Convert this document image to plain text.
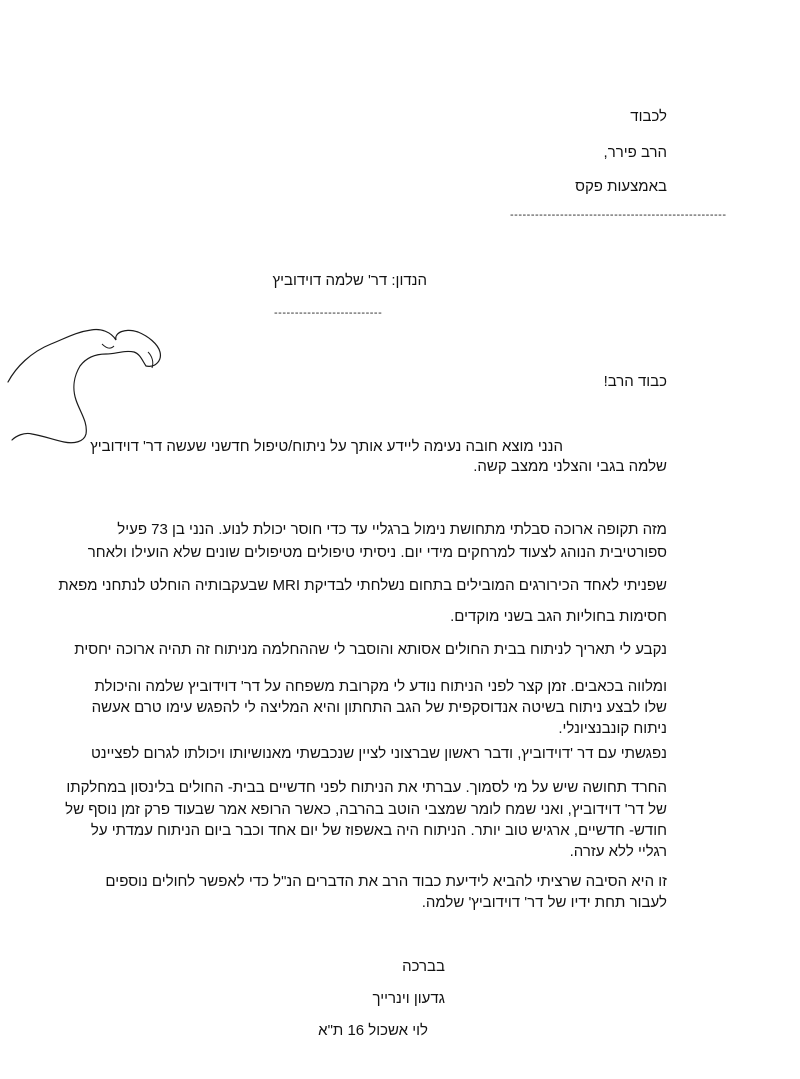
לכבוד
הרב פירר,
באמצעות פקס
----------------------------------------------------
הנדון: דר' שלמה דוידוביץ
--------------------------
כבוד הרב!
הנני מוצא חובה נעימה ליידע אותך על ניתוח/טיפול חדשני שעשה דר' דוידוביץ
שלמה בגבי והצלני ממצב קשה.
מזה תקופה ארוכה סבלתי מתחושת נימול ברגליי עד כדי חוסר יכולת לנוע. הנני בן 73 פעיל
ספורטיבית הנוהג לצעוד למרחקים מידי יום. ניסיתי טיפולים מטיפולים שונים שלא הועילו ולאחר
שפניתי לאחד הכירורגים המובילים בתחום נשלחתי לבדיקת MRI שבעקבותיה הוחלט לנתחני מפאת
חסימות בחוליות הגב בשני מוקדים.
נקבע לי תאריך לניתוח בבית החולים אסותא והוסבר לי שההחלמה מניתוח זה תהיה ארוכה יחסית
ומלווה בכאבים. זמן קצר לפני הניתוח נודע לי מקרובת משפחה על דר' דוידוביץ שלמה והיכולת
שלו לבצע ניתוח בשיטה אנדוסקפית של הגב התחתון והיא המליצה לי להפגש עימו טרם אעשה
ניתוח קונבנציונלי.
נפגשתי עם דר 'דוידוביץ, ודבר ראשון שברצוני לציין שנכבשתי מאנושיותו ויכולתו לגרום לפציינט
החרד תחושה שיש על מי לסמוך. עברתי את הניתוח לפני חדשיים בבית- החולים בלינסון במחלקתו
של דר' דוידוביץ, ואני שמח לומר שמצבי הוטב בהרבה, כאשר הרופא אמר שבעוד פרק זמן נוסף של
חודש- חדשיים, ארגיש טוב יותר. הניתוח היה באשפוז של יום אחד וכבר ביום הניתוח עמדתי על
רגליי ללא עזרה.
זו היא הסיבה שרציתי להביא לידיעת כבוד הרב את הדברים הנ"ל כדי לאפשר לחולים נוספים
לעבור תחת ידיו של דר' דוידוביץ' שלמה.
בברכה
גדעון וינרייך
לוי אשכול 16 ת"א
